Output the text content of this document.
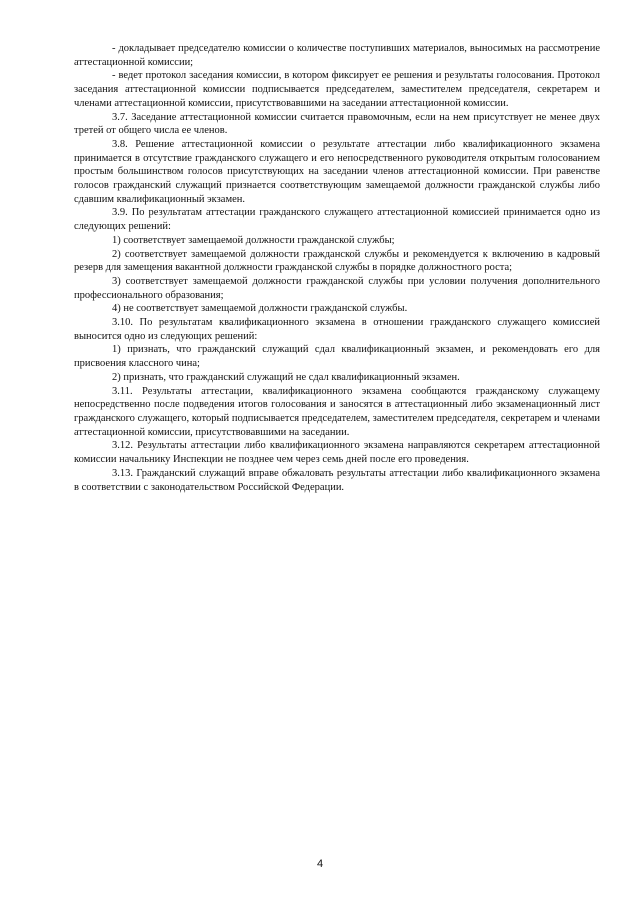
- докладывает председателю комиссии о количестве поступивших материалов, выносимых на рассмотрение аттестационной комиссии;

- ведет протокол заседания комиссии, в котором фиксирует ее решения и результаты голосования. Протокол заседания аттестационной комиссии подписывается председателем, заместителем председателя, секретарем и членами аттестационной комиссии, присутствовавшими на заседании аттестационной комиссии.

3.7. Заседание аттестационной комиссии считается правомочным, если на нем присутствует не менее двух третей от общего числа ее членов.

3.8. Решение аттестационной комиссии о результате аттестации либо квалификационного экзамена принимается в отсутствие гражданского служащего и его непосредственного руководителя открытым голосованием простым большинством голосов присутствующих на заседании членов аттестационной комиссии. При равенстве голосов гражданский служащий признается соответствующим замещаемой должности гражданской службы либо сдавшим квалификационный экзамен.

3.9. По результатам аттестации гражданского служащего аттестационной комиссией принимается одно из следующих решений:

1) соответствует замещаемой должности гражданской службы;

2) соответствует замещаемой должности гражданской службы и рекомендуется к включению в кадровый резерв для замещения вакантной должности гражданской службы в порядке должностного роста;

3) соответствует замещаемой должности гражданской службы при условии получения дополнительного профессионального образования;

4) не соответствует замещаемой должности гражданской службы.

3.10. По результатам квалификационного экзамена в отношении гражданского служащего комиссией выносится одно из следующих решений:

1) признать, что гражданский служащий сдал квалификационный экзамен, и рекомендовать его для присвоения классного чина;

2) признать, что гражданский служащий не сдал квалификационный экзамен.

3.11. Результаты аттестации, квалификационного экзамена сообщаются гражданскому служащему непосредственно после подведения итогов голосования и заносятся в аттестационный либо экзаменационный лист гражданского служащего, который подписывается председателем, заместителем председателя, секретарем и членами аттестационной комиссии, присутствовавшими на заседании.

3.12. Результаты аттестации либо квалификационного экзамена направляются секретарем аттестационной комиссии начальнику Инспекции не позднее чем через семь дней после его проведения.

3.13. Гражданский служащий вправе обжаловать результаты аттестации либо квалификационного экзамена в соответствии с законодательством Российской Федерации.

4
